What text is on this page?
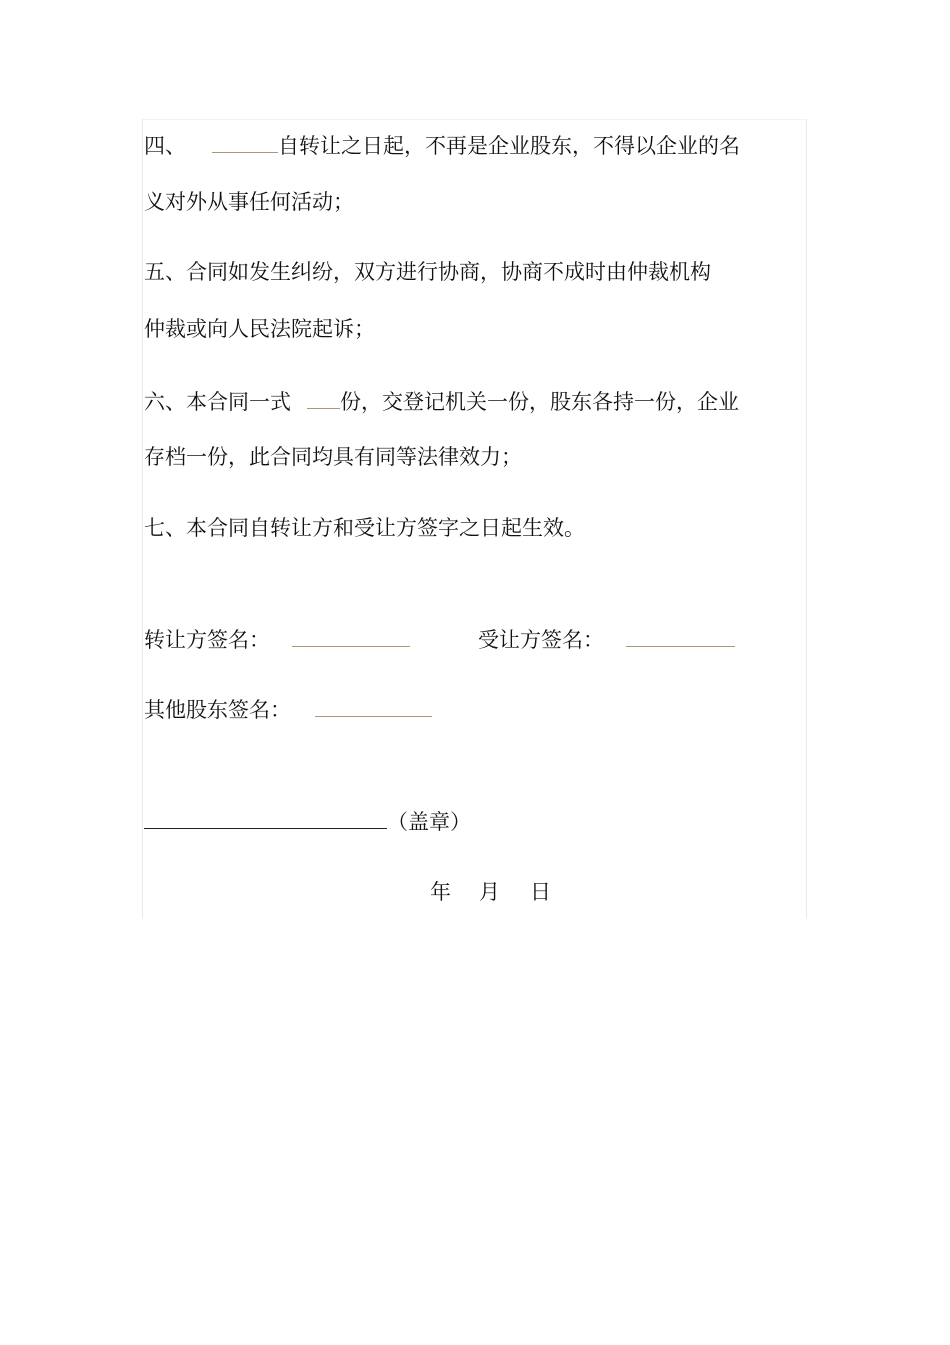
四、	自转让之日起，不再是企业股东，不得以企业的名
义对外从事任何活动；
五、合同如发生纠纷，双方进行协商，协商不成时由仲裁机构
仲裁或向人民法院起诉；
六、本合同一式 份，交登记机关一份，股东各持一份，企业
存档一份，此合同均具有同等法律效力；
七、本合同自转让方和受让方签字之日起生效。
转让方签名：	受让方签名：
其他股东签名：
（盖章）
年 月 日
